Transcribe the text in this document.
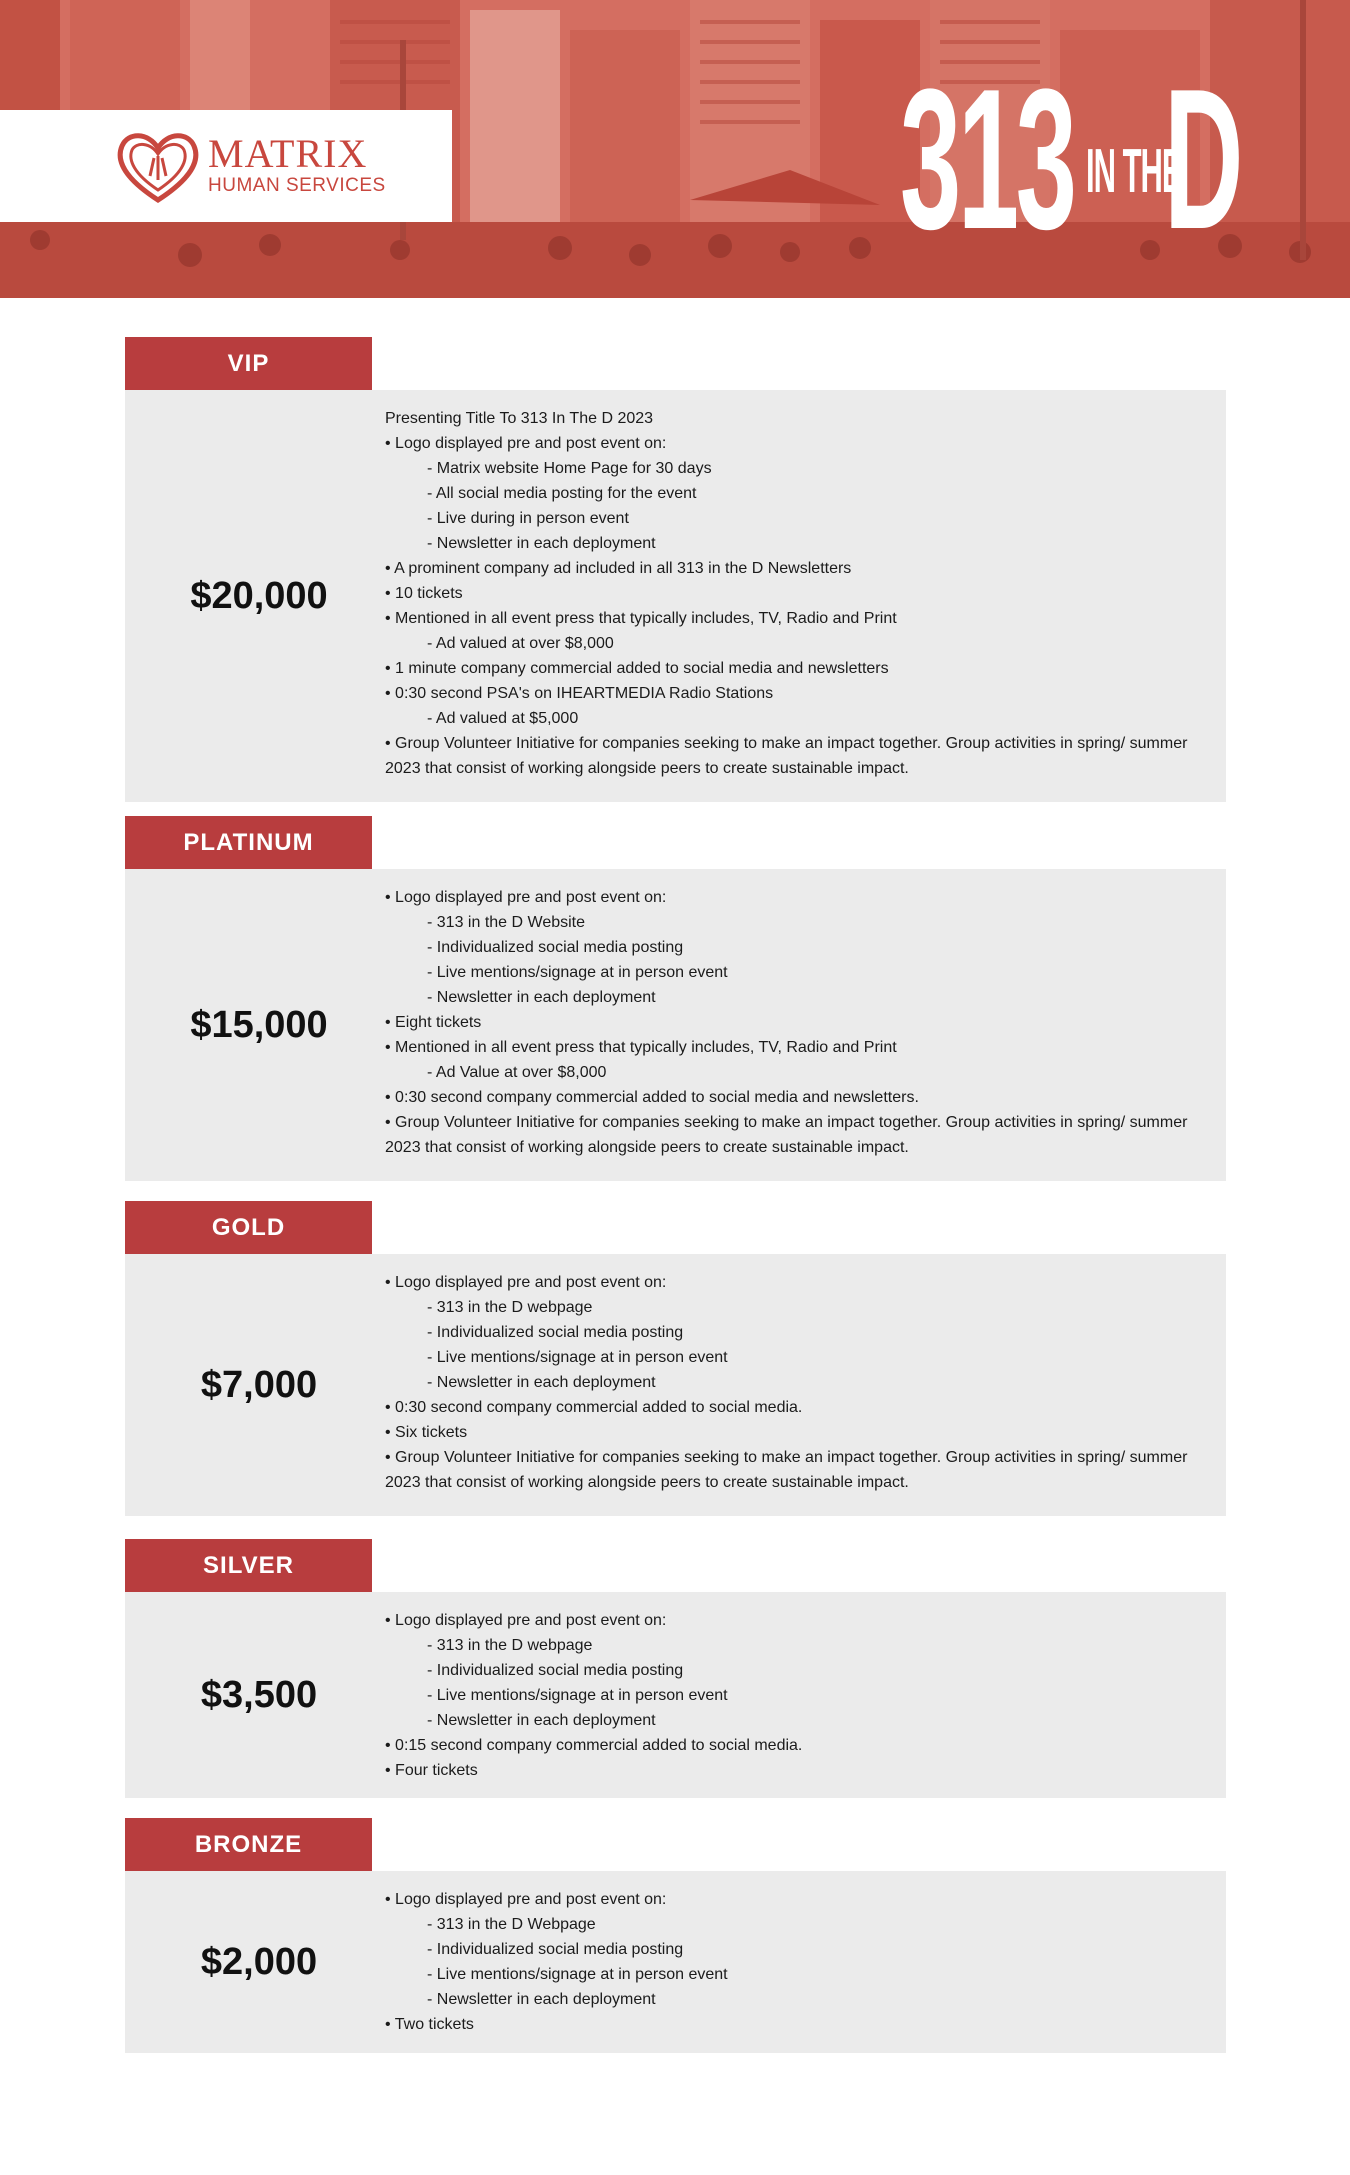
MATRIX
HUMAN SERVICES	313 IN THE
D
VIP
$20,000
Presenting Title To 313 In The D 2023
• Logo displayed pre and post event on:
- Matrix website Home Page for 30 days
- All social media posting for the event
- Live during in person event
- Newsletter in each deployment
• A prominent company ad included in all 313 in the D Newsletters
• 10 tickets
• Mentioned in all event press that typically includes, TV, Radio and Print
- Ad valued at over $8,000
• 1 minute company commercial added to social media and newsletters
• 0:30 second PSA's on IHEARTMEDIA Radio Stations
- Ad valued at $5,000
• Group Volunteer Initiative for companies seeking to make an impact together. Group activities in spring/ summer 2023 that consist of working alongside peers to create sustainable impact.
PLATINUM
$15,000
• Logo displayed pre and post event on:
- 313 in the D Website
- Individualized social media posting
- Live mentions/signage at in person event
- Newsletter in each deployment
• Eight tickets
• Mentioned in all event press that typically includes, TV, Radio and Print
- Ad Value at over $8,000
• 0:30 second company commercial added to social media and newsletters.
• Group Volunteer Initiative for companies seeking to make an impact together. Group activities in spring/ summer 2023 that consist of working alongside peers to create sustainable impact.
GOLD
$7,000
• Logo displayed pre and post event on:
- 313 in the D webpage
- Individualized social media posting
- Live mentions/signage at in person event
- Newsletter in each deployment
• 0:30 second company commercial added to social media.
• Six tickets
• Group Volunteer Initiative for companies seeking to make an impact together. Group activities in spring/ summer 2023 that consist of working alongside peers to create sustainable impact.
SILVER
$3,500
• Logo displayed pre and post event on:
- 313 in the D webpage
- Individualized social media posting
- Live mentions/signage at in person event
- Newsletter in each deployment
• 0:15 second company commercial added to social media.
• Four tickets
BRONZE
$2,000
• Logo displayed pre and post event on:
- 313 in the D Webpage
- Individualized social media posting
- Live mentions/signage at in person event
- Newsletter in each deployment
• Two tickets
